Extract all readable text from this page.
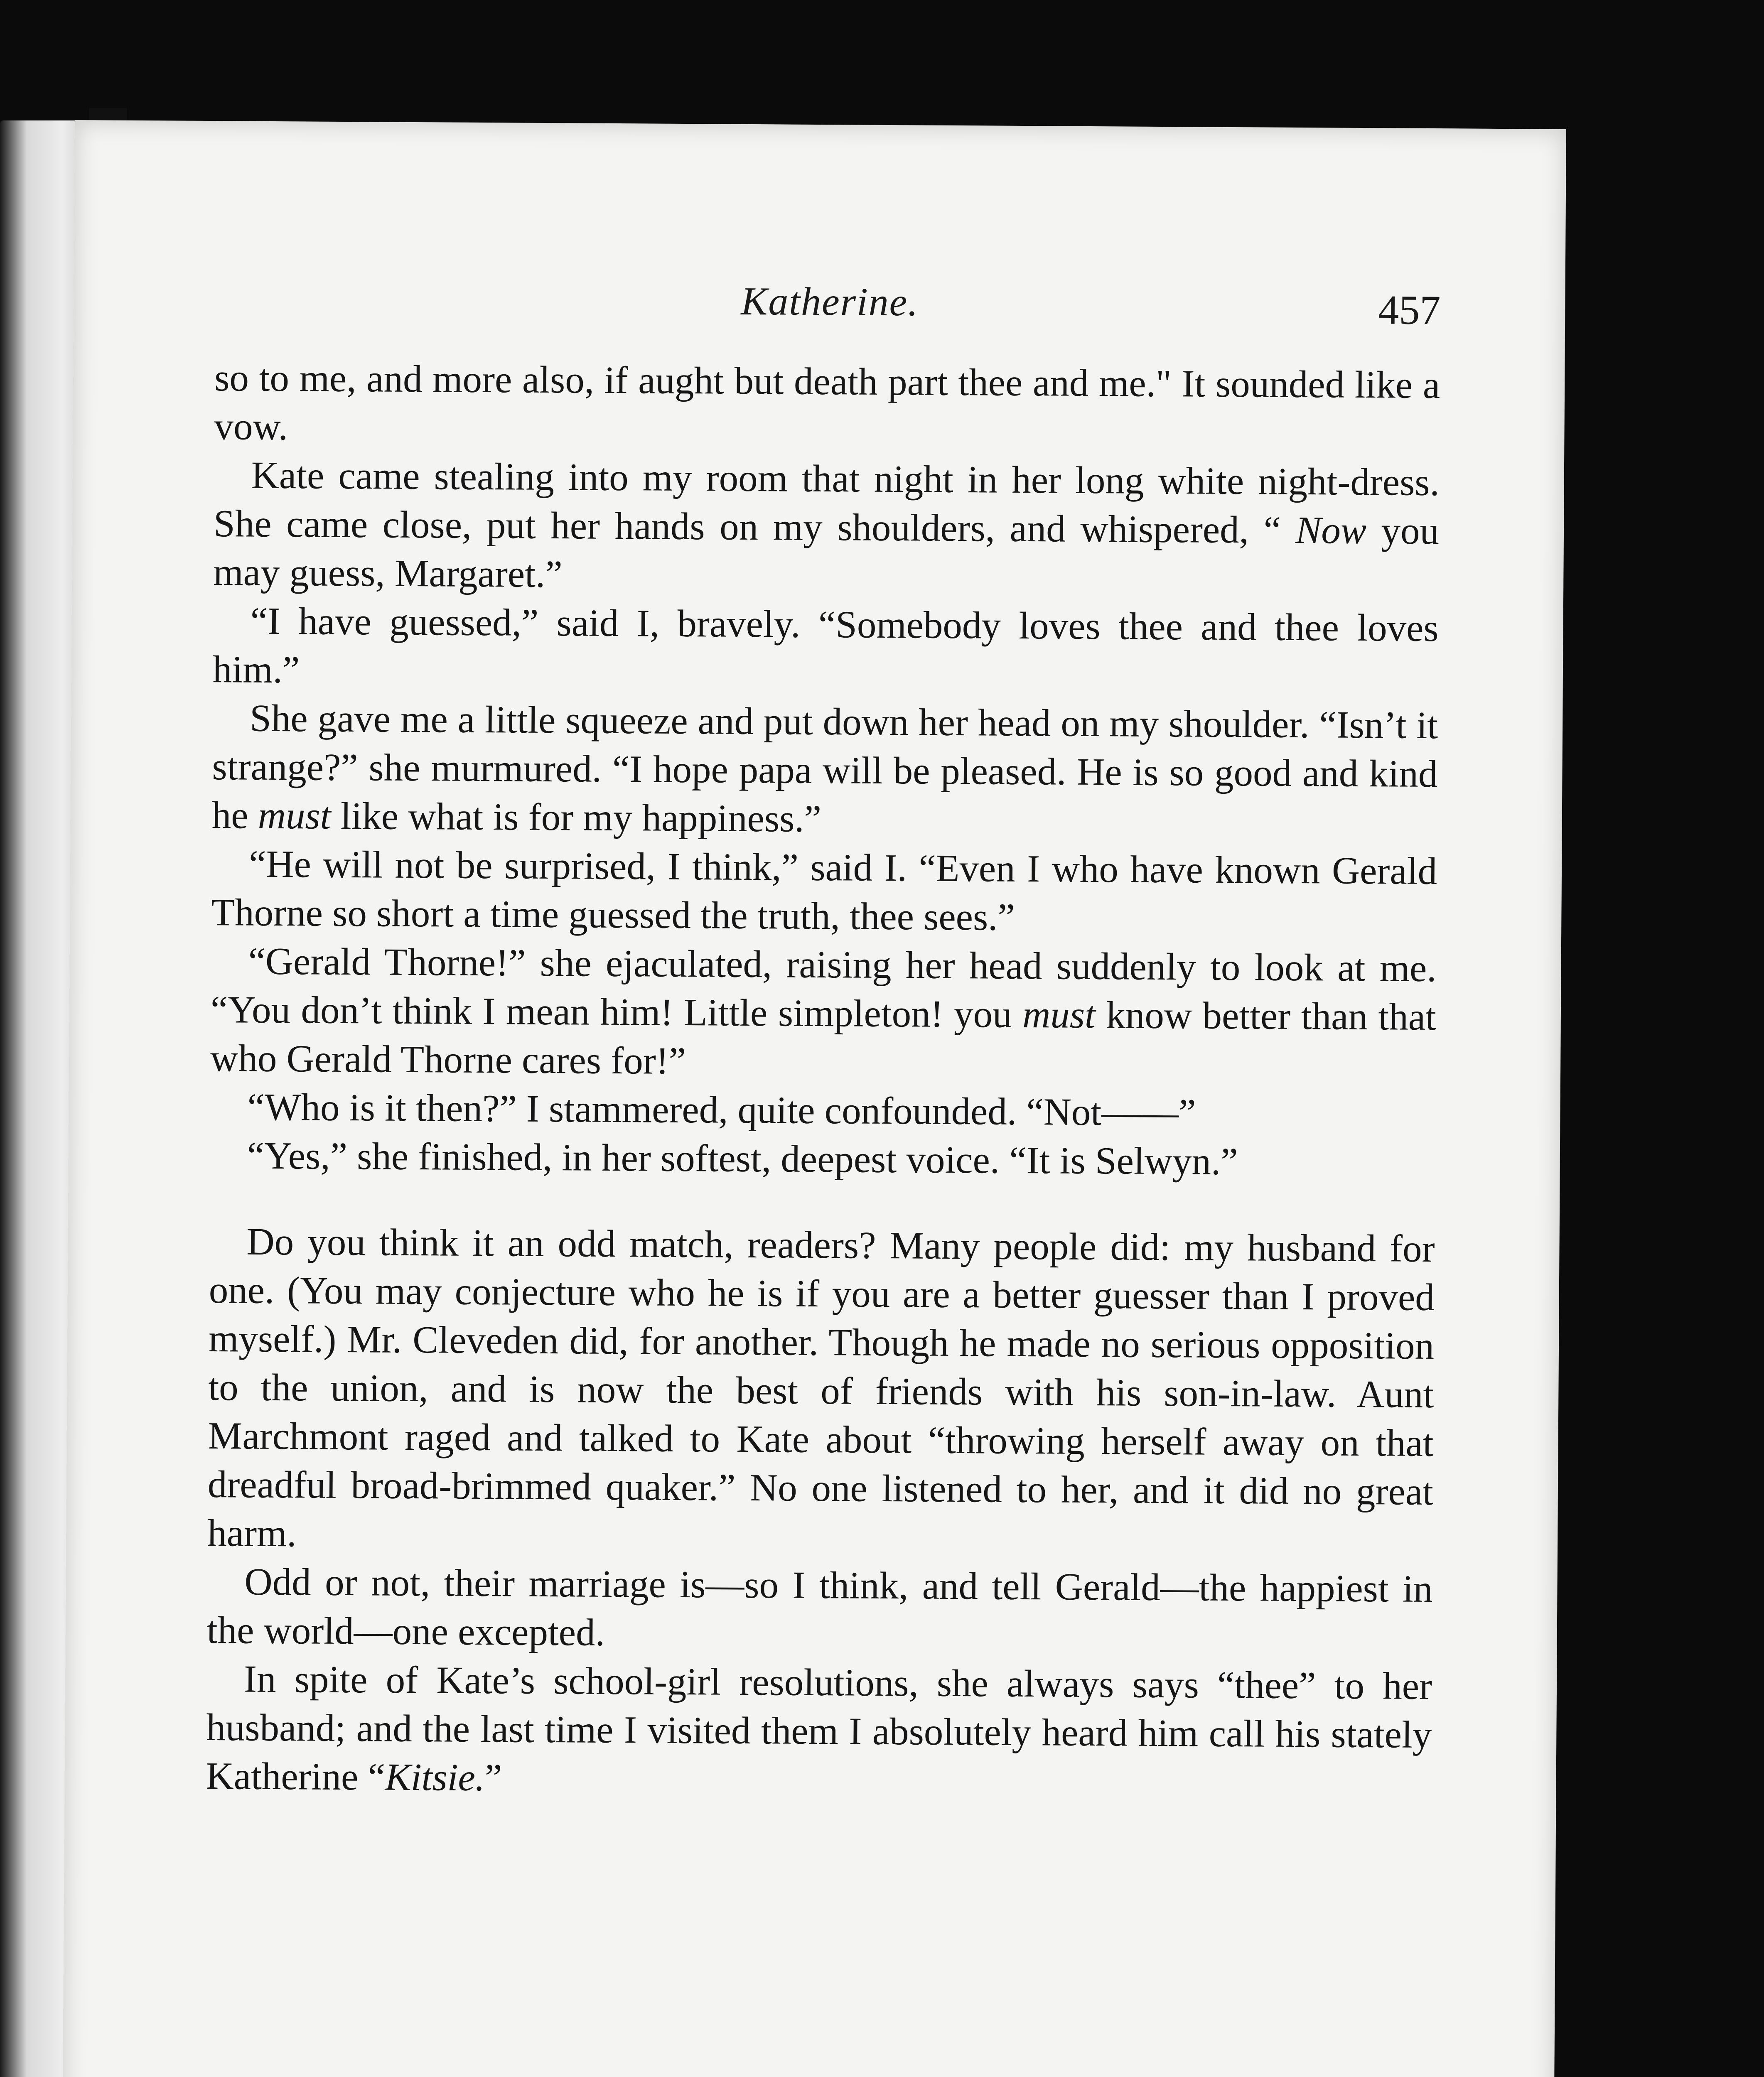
Katherine.	457

so to me, and more also, if aught but death part thee and me." It sounded like a vow.

Kate came stealing into my room that night in her long white night-dress. She came close, put her hands on my shoulders, and whispered, “ Now you may guess, Margaret.”

“I have guessed,” said I, bravely. “Somebody loves thee and thee loves him.”

She gave me a little squeeze and put down her head on my shoulder. “Isn’t it strange?” she murmured. “I hope papa will be pleased. He is so good and kind he must like what is for my happiness.”

“He will not be surprised, I think,” said I. “Even I who have known Gerald Thorne so short a time guessed the truth, thee sees.”

“Gerald Thorne!” she ejaculated, raising her head suddenly to look at me. “You don’t think I mean him! Little simpleton! you must know better than that who Gerald Thorne cares for!”

“Who is it then?” I stammered, quite confounded. “Not——”

“Yes,” she finished, in her softest, deepest voice. “It is Selwyn.”

Do you think it an odd match, readers? Many people did: my husband for one. (You may conjecture who he is if you are a better guesser than I proved myself.) Mr. Cleveden did, for another. Though he made no serious opposition to the union, and is now the best of friends with his son-in-law. Aunt Marchmont raged and talked to Kate about “throwing herself away on that dreadful broad-brimmed quaker.” No one listened to her, and it did no great harm.

Odd or not, their marriage is—so I think, and tell Gerald—the happiest in the world—one excepted.

In spite of Kate’s school-girl resolutions, she always says “thee” to her husband; and the last time I visited them I absolutely heard him call his stately Katherine “Kitsie.”
